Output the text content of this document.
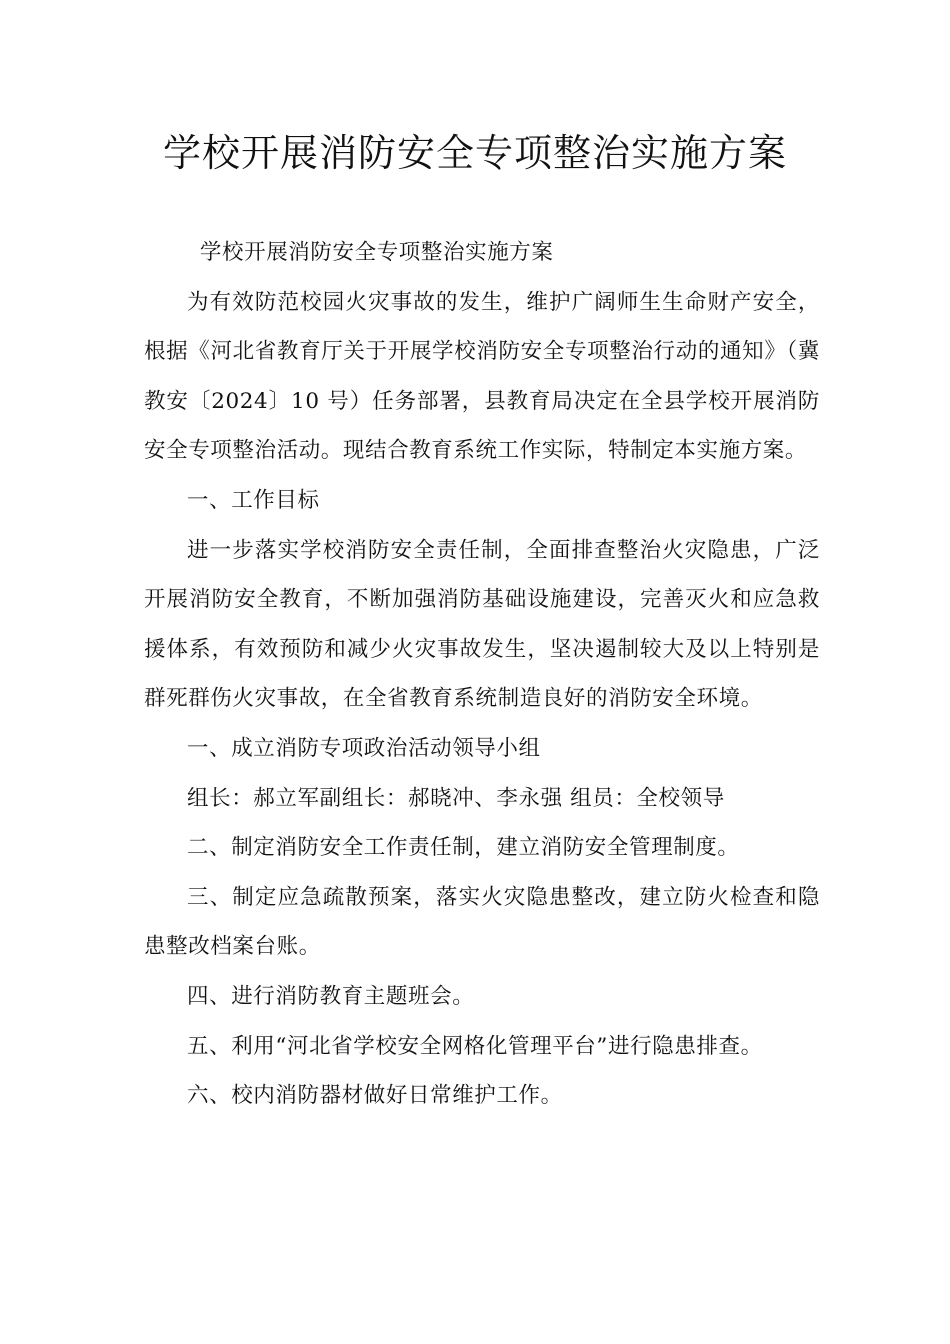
学校开展消防安全专项整治实施方案

学校开展消防安全专项整治实施方案

为有效防范校园火灾事故的发生，维护广阔师生生命财产安全，根据《河北省教育厅关于开展学校消防安全专项整治行动的通知》（冀教安〔2024〕10 号）任务部署，县教育局决定在全县学校开展消防安全专项整治活动。现结合教育系统工作实际，特制定本实施方案。

一、工作目标

进一步落实学校消防安全责任制，全面排查整治火灾隐患，广泛开展消防安全教育，不断加强消防基础设施建设，完善灭火和应急救援体系，有效预防和减少火灾事故发生，坚决遏制较大及以上特别是群死群伤火灾事故，在全省教育系统制造良好的消防安全环境。

一、成立消防专项政治活动领导小组

组长：郝立军副组长：郝晓冲、李永强 组员：全校领导

二、制定消防安全工作责任制，建立消防安全管理制度。

三、制定应急疏散预案，落实火灾隐患整改，建立防火检查和隐患整改档案台账。

四、进行消防教育主题班会。

五、利用“河北省学校安全网格化管理平台”进行隐患排查。

六、校内消防器材做好日常维护工作。
